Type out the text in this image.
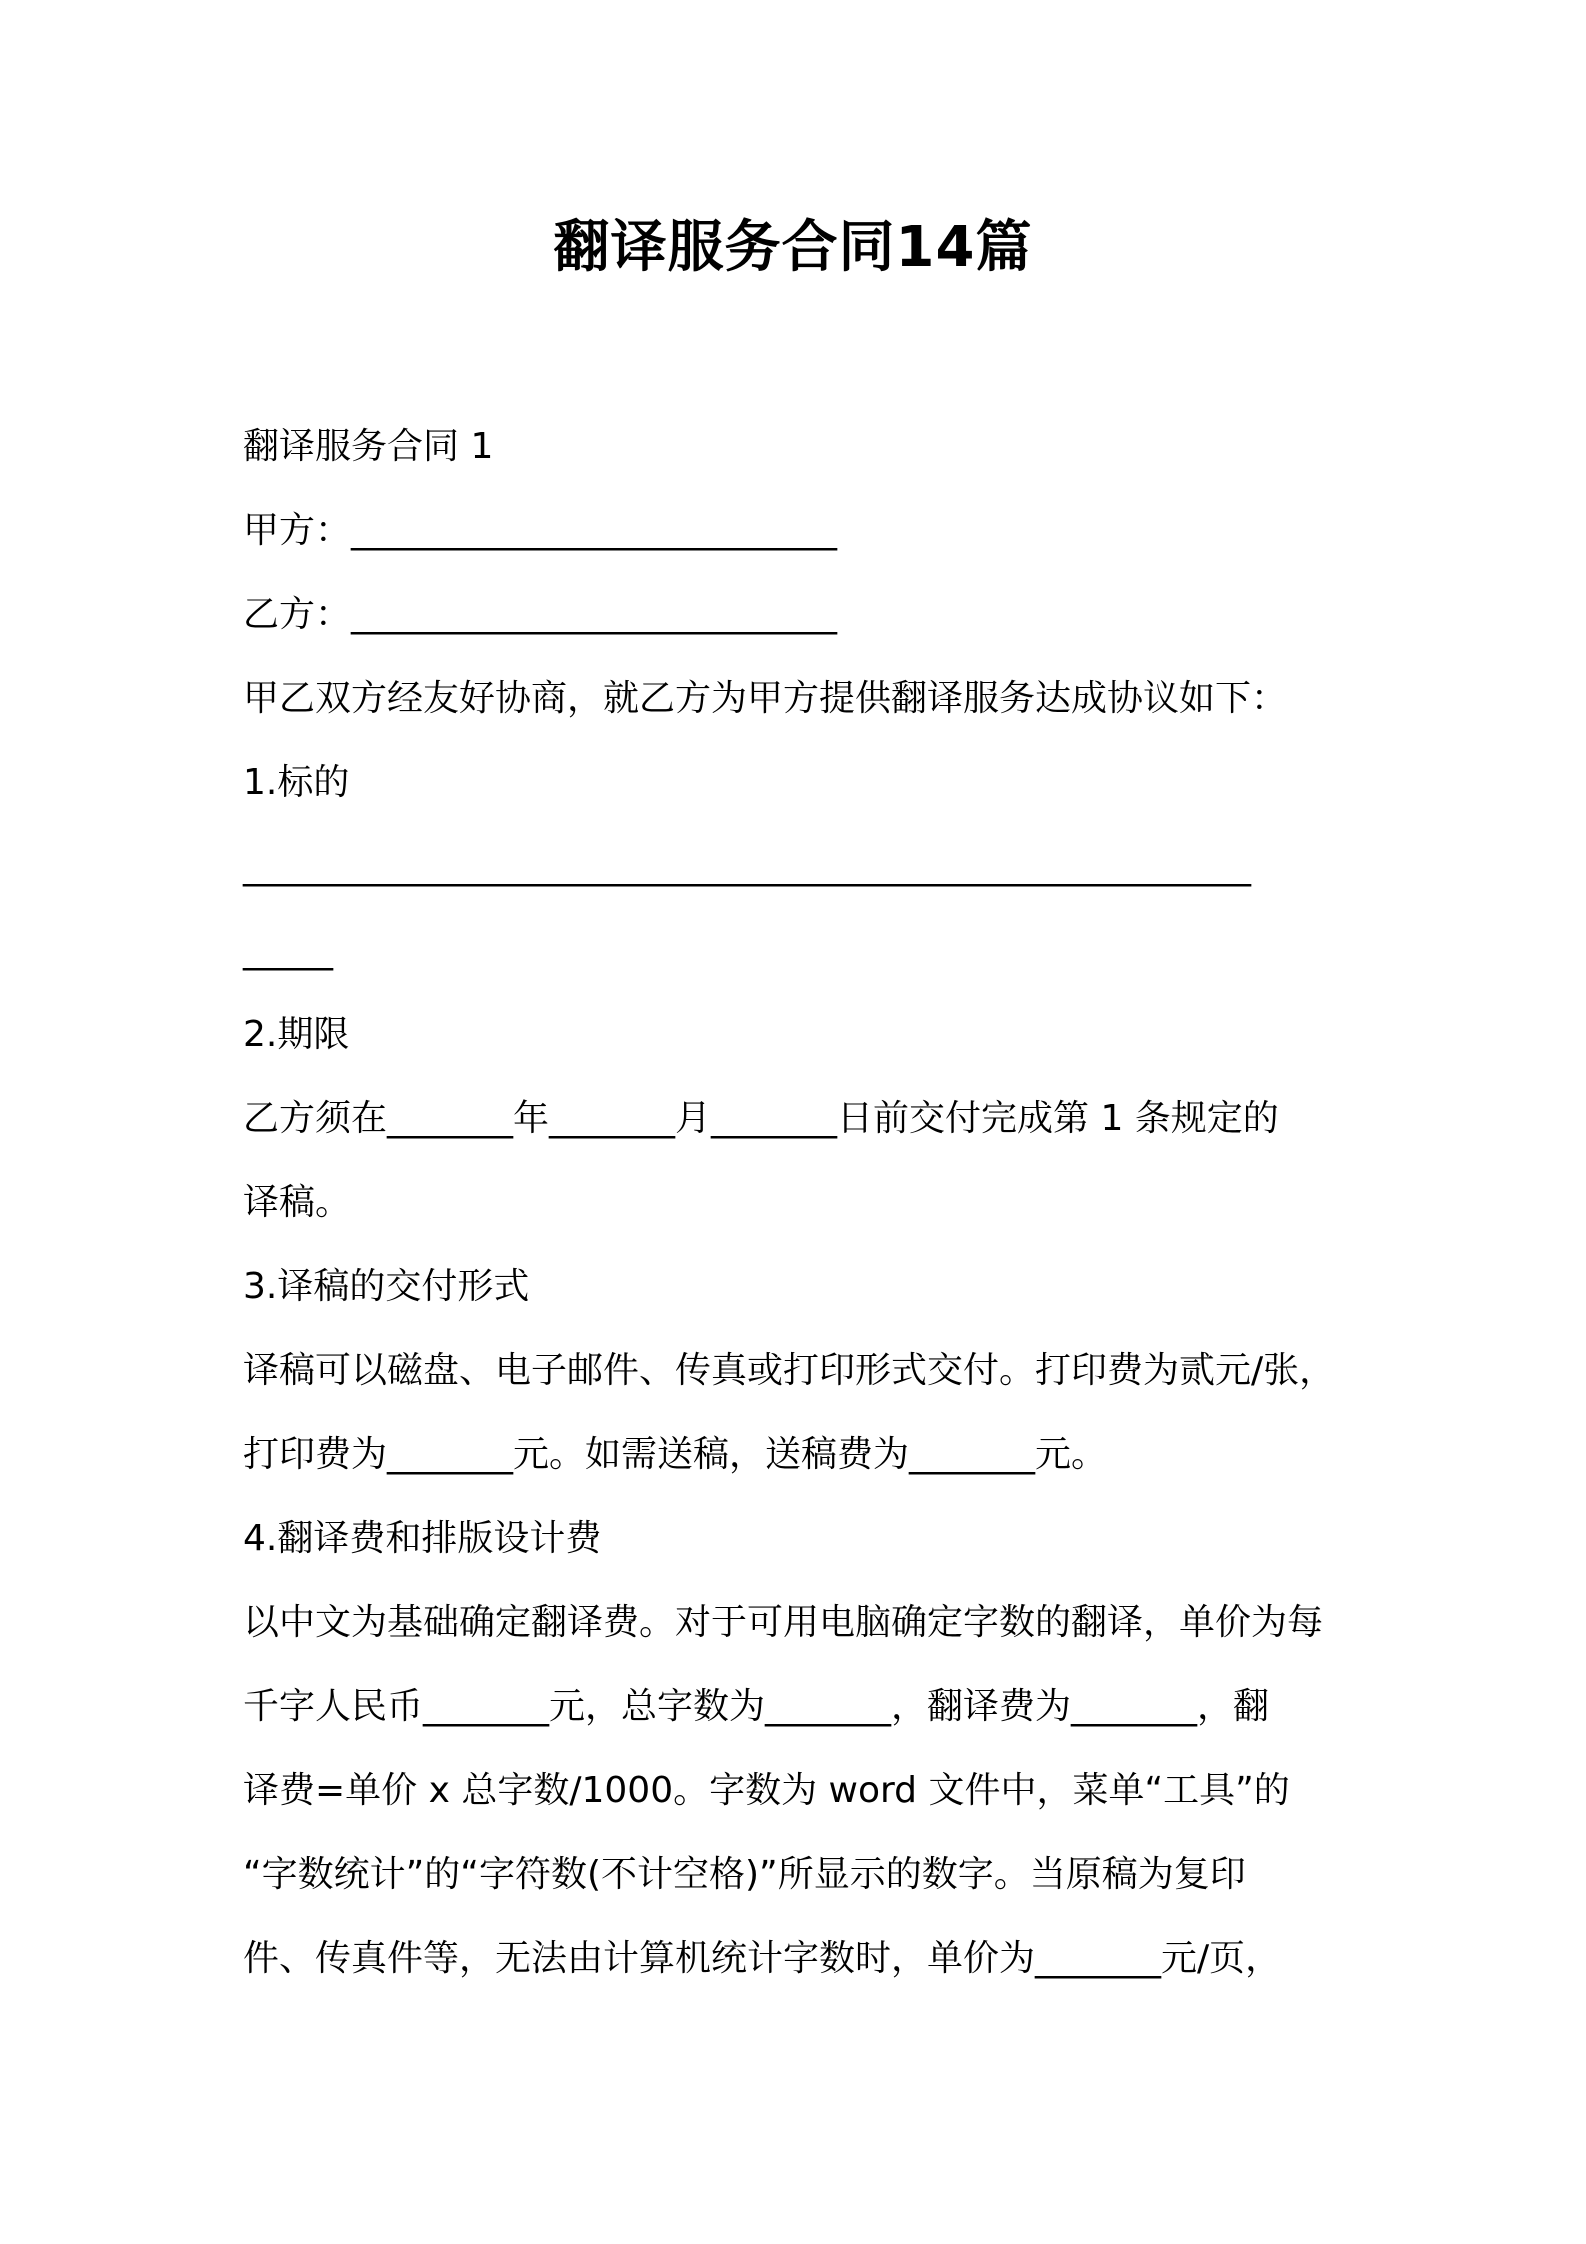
翻译服务合同14篇

翻译服务合同 1

甲方：___________________________

乙方：___________________________

甲乙双方经友好协商，就乙方为甲方提供翻译服务达成协议如下：

1.标的

________________________________________________________

_____

2.期限

乙方须在_______年_______月_______日前交付完成第 1 条规定的

译稿。

3.译稿的交付形式

译稿可以磁盘、电子邮件、传真或打印形式交付。打印费为贰元/张，

打印费为_______元。如需送稿，送稿费为_______元。

4.翻译费和排版设计费

以中文为基础确定翻译费。对于可用电脑确定字数的翻译，单价为每

千字人民币_______元，总字数为_______，翻译费为_______，翻

译费=单价 x 总字数/1000。字数为 word 文件中，菜单“工具”的

“字数统计”的“字符数(不计空格)”所显示的数字。当原稿为复印

件、传真件等，无法由计算机统计字数时，单价为_______元/页，
